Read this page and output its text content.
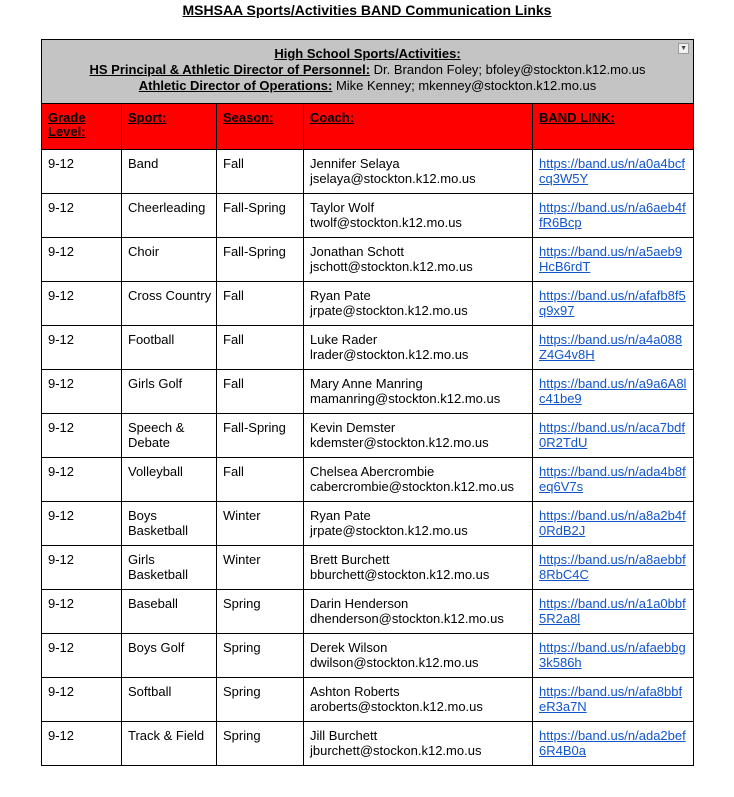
MSHSAA Sports/Activities BAND Communication Links
▼
High School Sports/Activities:
HS Principal & Athletic Director of Personnel: Dr. Brandon Foley; bfoley@stockton.k12.mo.us
Athletic Director of Operations: Mike Kenney; mkenney@stockton.k12.mo.us				

Grade Level:	Sport:	Season:	Coach:	BAND LINK:

9-12	Band	Fall	Jennifer Selaya
jselaya@stockton.k12.mo.us	https://band.us/n/a0a4bcfcq3W5Y

9-12	Cheerleading	Fall-Spring	Taylor Wolf
twolf@stockton.k12.mo.us	https://band.us/n/a6aeb4ffR6Bcp

9-12	Choir	Fall-Spring	Jonathan Schott
jschott@stockton.k12.mo.us	https://band.us/n/a5aeb9HcB6rdT

9-12	Cross Country	Fall	Ryan Pate
jrpate@stockton.k12.mo.us	https://band.us/n/afafb8f5q9x97

9-12	Football	Fall	Luke Rader
lrader@stockton.k12.mo.us	https://band.us/n/a4a088Z4G4v8H

9-12	Girls Golf	Fall	Mary Anne Manring
mamanring@stockton.k12.mo.us	https://band.us/n/a9a6A8lc41be9

9-12	Speech & Debate	Fall-Spring	Kevin Demster
kdemster@stockton.k12.mo.us	https://band.us/n/aca7bdf0R2TdU

9-12	Volleyball	Fall	Chelsea Abercrombie
cabercrombie@stockton.k12.mo.us	https://band.us/n/ada4b8feq6V7s

9-12	Boys Basketball	Winter	Ryan Pate
jrpate@stockton.k12.mo.us	https://band.us/n/a8a2b4f0RdB2J

9-12	Girls Basketball	Winter	Brett Burchett
bburchett@stockton.k12.mo.us	https://band.us/n/a8aebbf8RbC4C

9-12	Baseball	Spring	Darin Henderson
dhenderson@stockton.k12.mo.us	https://band.us/n/a1a0bbf5R2a8l

9-12	Boys Golf	Spring	Derek Wilson
dwilson@stockton.k12.mo.us	https://band.us/n/afaebbg3k586h

9-12	Softball	Spring	Ashton Roberts
aroberts@stockton.k12.mo.us	https://band.us/n/afa8bbfeR3a7N

9-12	Track & Field	Spring	Jill Burchett
jburchett@stockon.k12.mo.us	https://band.us/n/ada2bef6R4B0a
